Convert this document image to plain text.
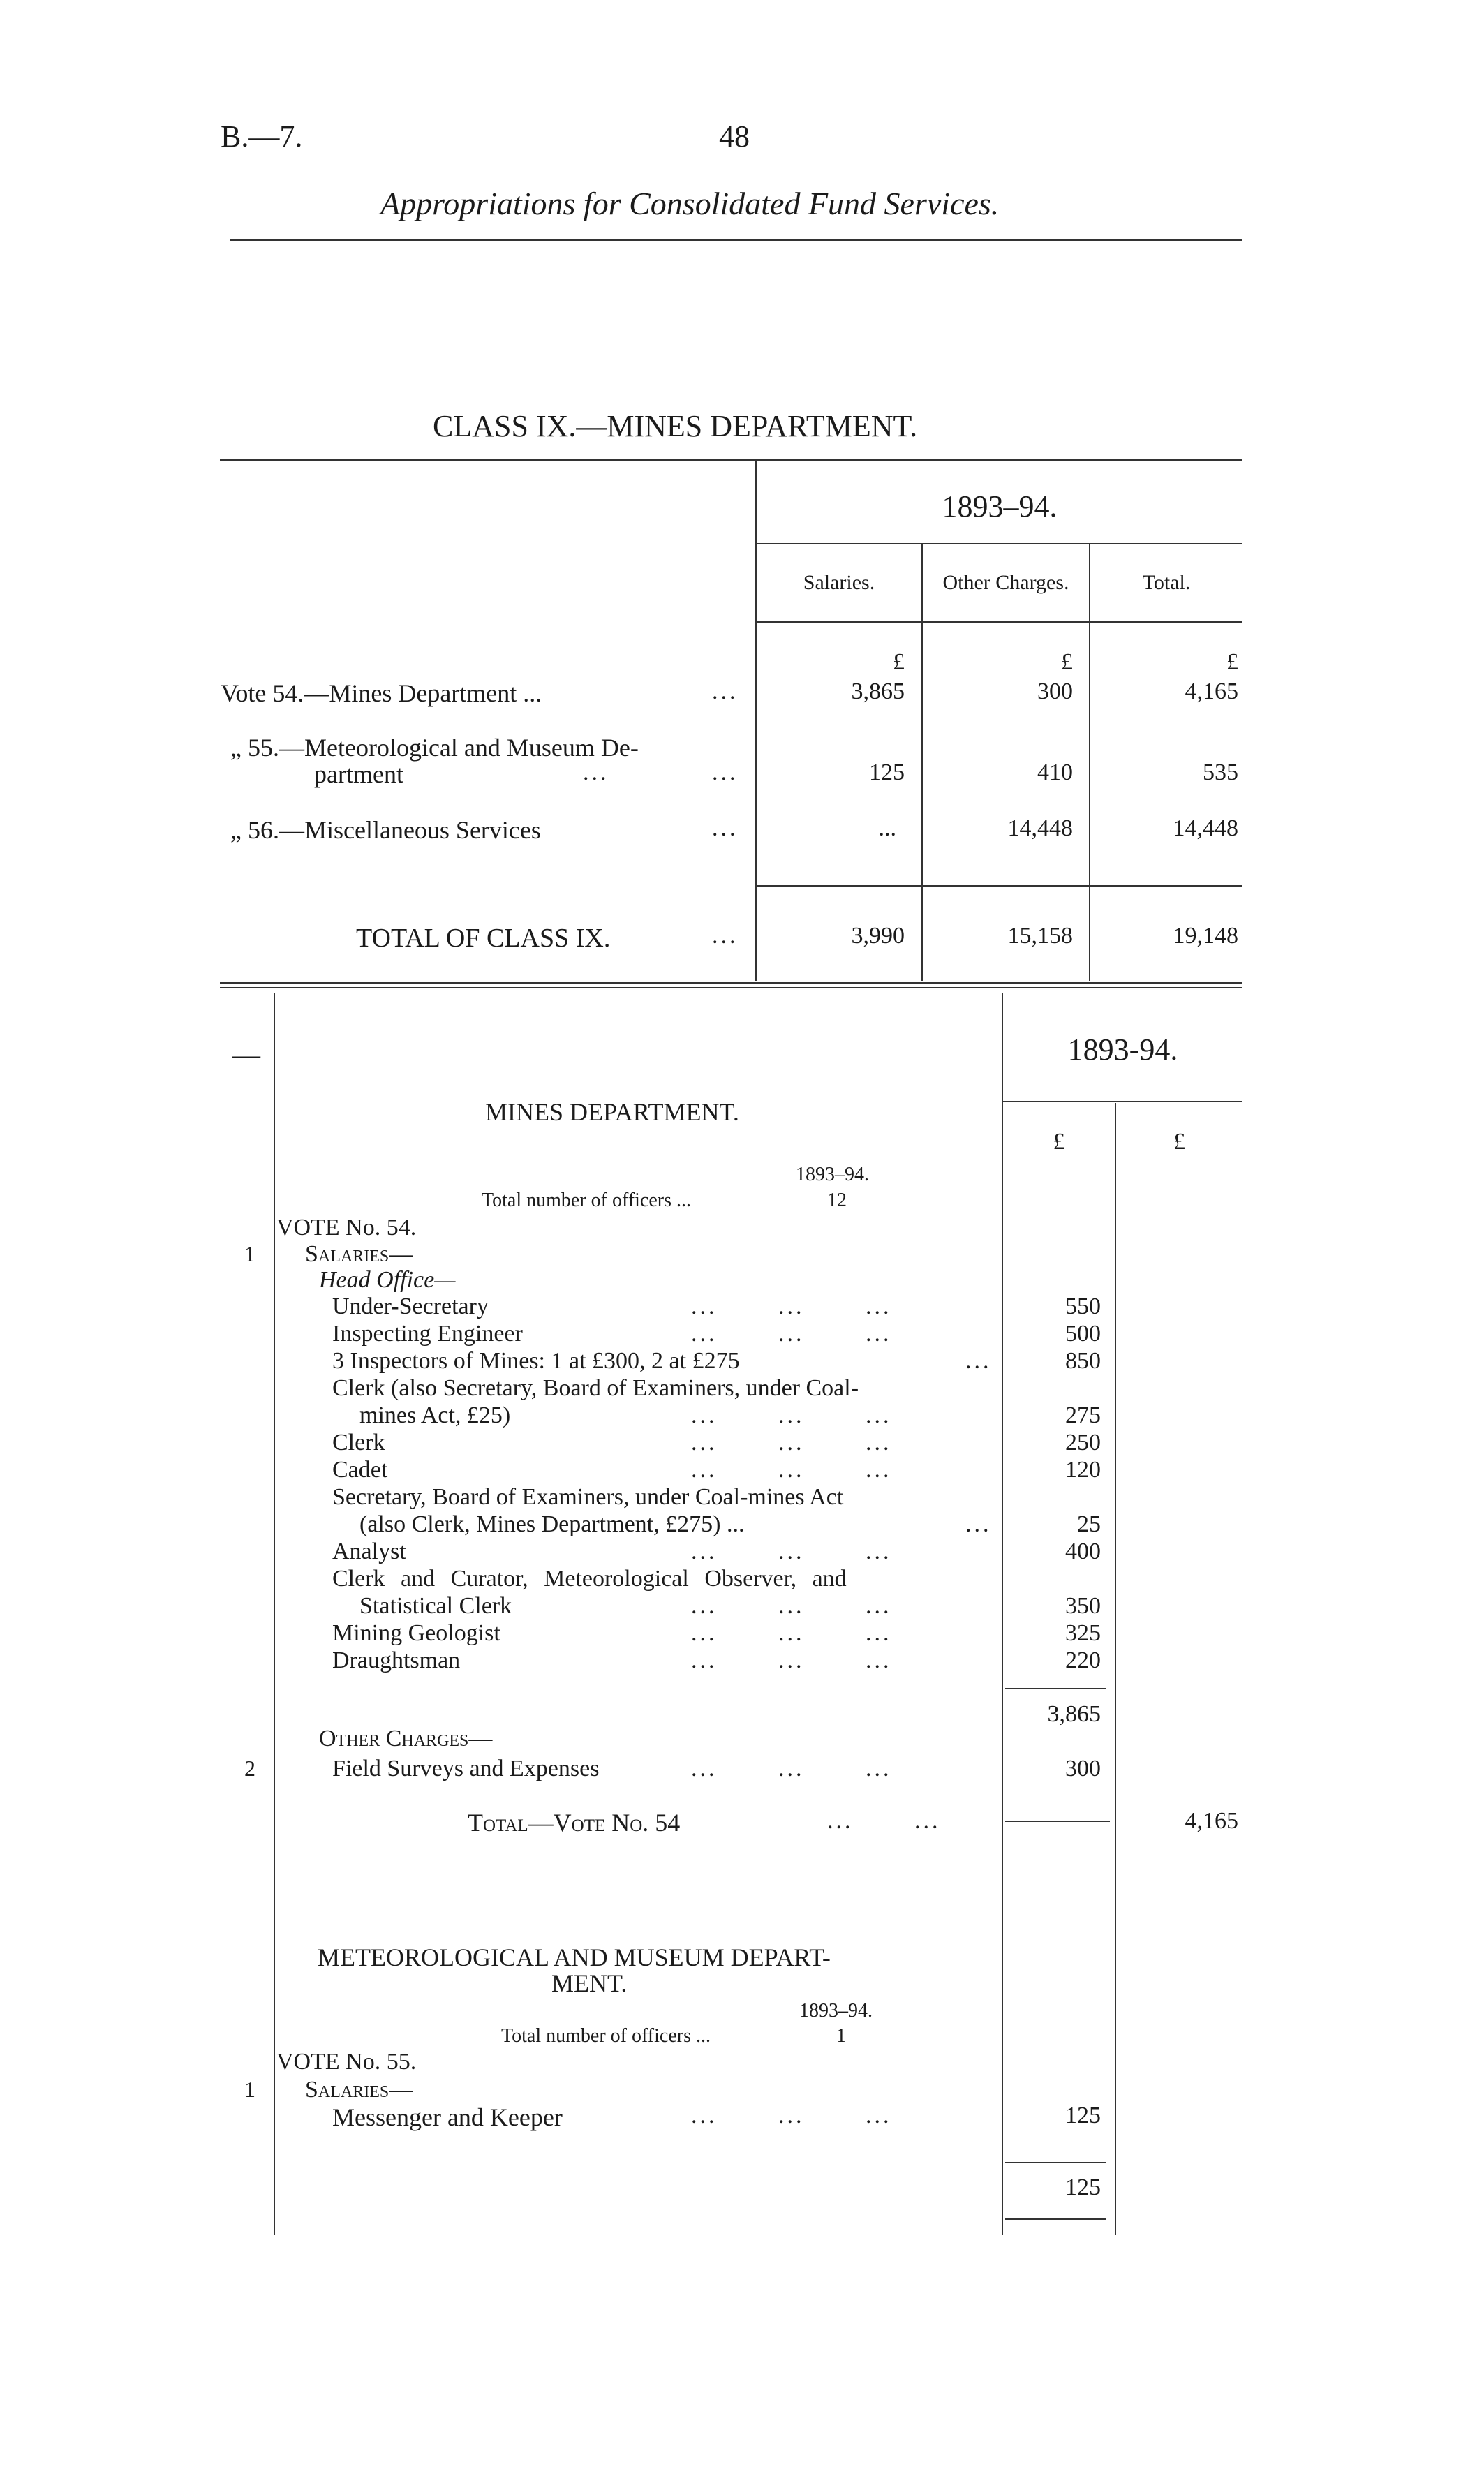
B.—7.	48
Appropriations for Consolidated Fund Services.
CLASS IX.—MINES DEPARTMENT.
1893–94.
Salaries.	Other Charges.	Total.
£	£	£
Vote 54.—Mines Department ...	...	3,865	300	4,165
„ 55.—Meteorological and Museum De-
partment	...	...	125	410	535
„ 56.—Miscellaneous Services	...	...	14,448	14,448
TOTAL OF CLASS IX.	...	3,990	15,158	19,148
—	1893-94.
£	£
MINES DEPARTMENT.
1893–94.
Total number of officers ...	12
VOTE No. 54.
1 Salaries—
Head Office—
Under-Secretary	...       ...       ...	550
Inspecting Engineer	...       ...       ...	500
3 Inspectors of Mines: 1 at £300, 2 at £275	...	850
Clerk (also Secretary, Board of Examiners, under Coal-
mines Act, £25)	...       ...       ...	275
Clerk	...       ...       ...	250
Cadet	...       ...       ...	120
Secretary, Board of Examiners, under Coal-mines Act
(also Clerk, Mines Department, £275) ...	...	25
Analyst	...       ...       ...	400
Clerk and Curator, Meteorological Observer, and
Statistical Clerk	...       ...       ...	350
Mining Geologist	...       ...       ...	325
Draughtsman	...       ...       ...	220
3,865
Other Charges—
2	Field Surveys and Expenses	...       ...       ...	300
Total—Vote No. 54	...       ...	4,165
METEOROLOGICAL AND MUSEUM DEPART-
MENT.
1893–94.
Total number of officers ...	1
VOTE No. 55.
1 Salaries—
Messenger and Keeper	...       ...       ...	125
125
